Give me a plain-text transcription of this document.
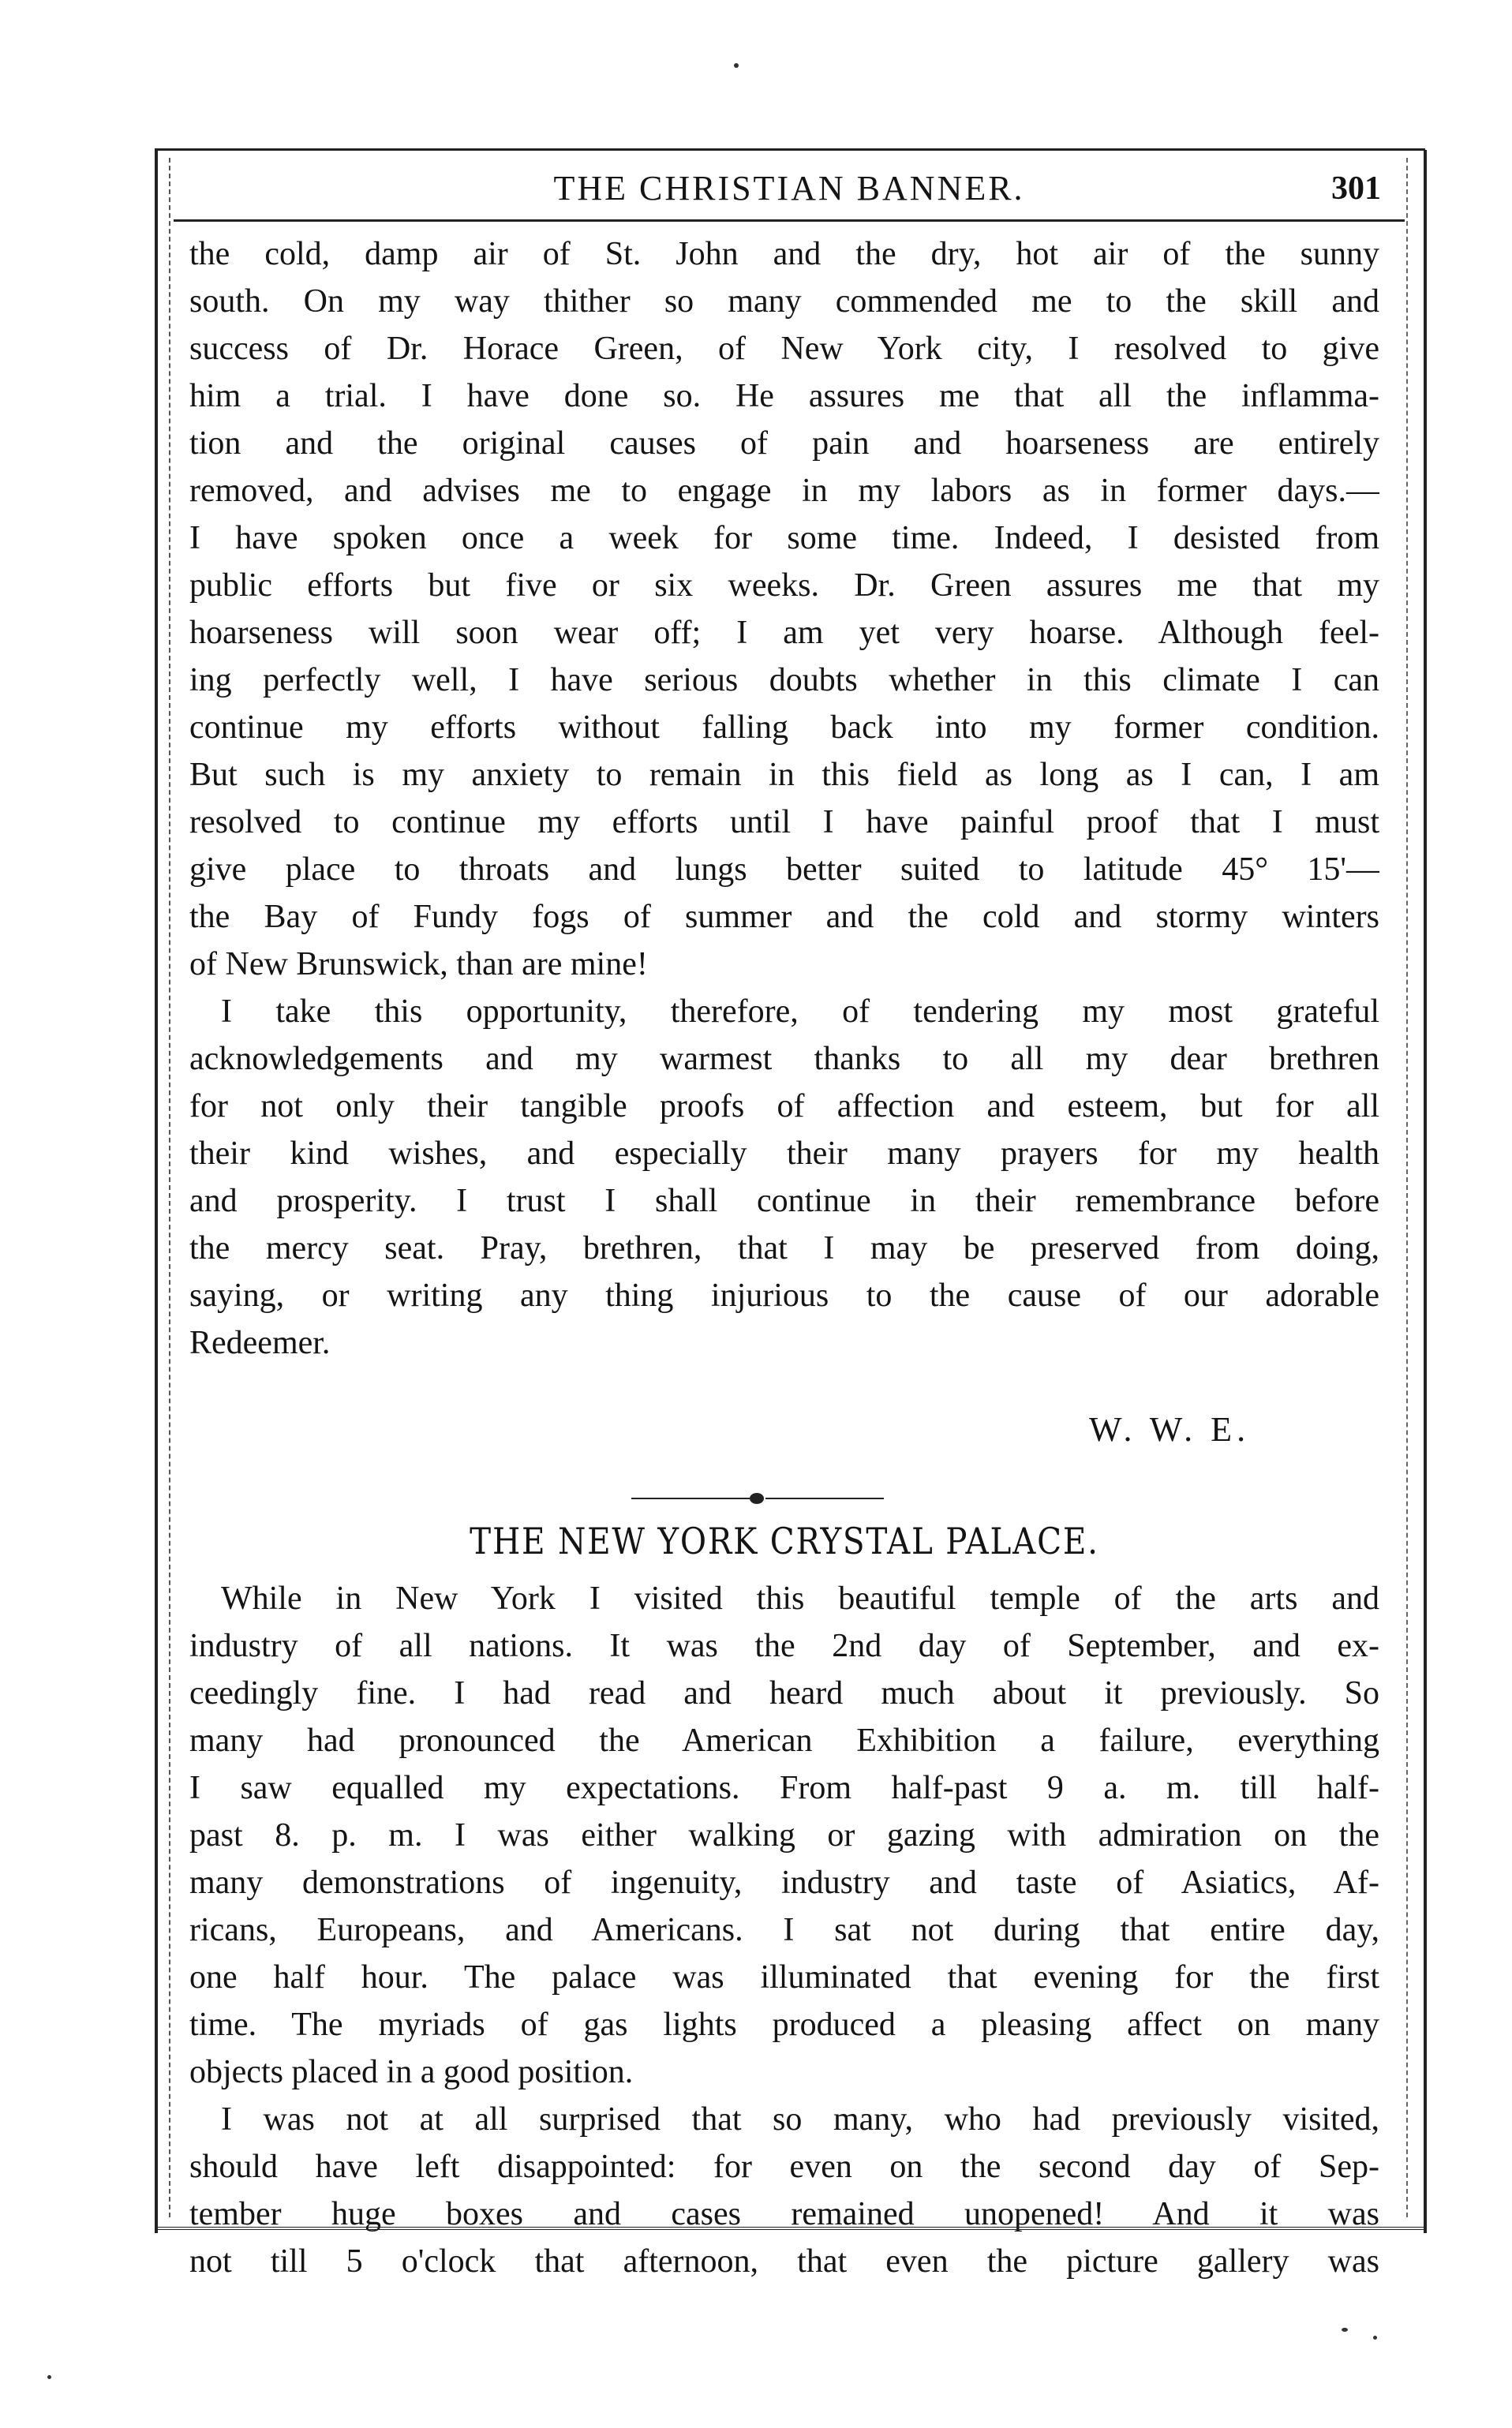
THE CHRISTIAN BANNER.	301
the cold, damp air of St. John and the dry, hot air of the sunny
south. On my way thither so many commended me to the skill and
success of Dr. Horace Green, of New York city, I resolved to give
him a trial. I have done so. He assures me that all the inflamma-
tion and the original causes of pain and hoarseness are entirely
removed, and advises me to engage in my labors as in former days.—
I have spoken once a week for some time. Indeed, I desisted from
public efforts but five or six weeks. Dr. Green assures me that my
hoarseness will soon wear off; I am yet very hoarse. Although feel-
ing perfectly well, I have serious doubts whether in this climate I can
continue my efforts without falling back into my former condition.
But such is my anxiety to remain in this field as long as I can, I am
resolved to continue my efforts until I have painful proof that I must
give place to throats and lungs better suited to latitude 45° 15'—
the Bay of Fundy fogs of summer and the cold and stormy winters
of New Brunswick, than are mine!
I take this opportunity, therefore, of tendering my most grateful
acknowledgements and my warmest thanks to all my dear brethren
for not only their tangible proofs of affection and esteem, but for all
their kind wishes, and especially their many prayers for my health
and prosperity. I trust I shall continue in their remembrance before
the mercy seat. Pray, brethren, that I may be preserved from doing,
saying, or writing any thing injurious to the cause of our adorable
Redeemer.
W. W. E.
THE NEW YORK CRYSTAL PALACE.
While in New York I visited this beautiful temple of the arts and
industry of all nations. It was the 2nd day of September, and ex-
ceedingly fine. I had read and heard much about it previously. So
many had pronounced the American Exhibition a failure, everything
I saw equalled my expectations. From half-past 9 a. m. till half-
past 8. p. m. I was either walking or gazing with admiration on the
many demonstrations of ingenuity, industry and taste of Asiatics, Af-
ricans, Europeans, and Americans. I sat not during that entire day,
one half hour. The palace was illuminated that evening for the first
time. The myriads of gas lights produced a pleasing affect on many
objects placed in a good position.
I was not at all surprised that so many, who had previously visited,
should have left disappointed: for even on the second day of Sep-
tember huge boxes and cases remained unopened! And it was
not till 5 o'clock that afternoon, that even the picture gallery was
